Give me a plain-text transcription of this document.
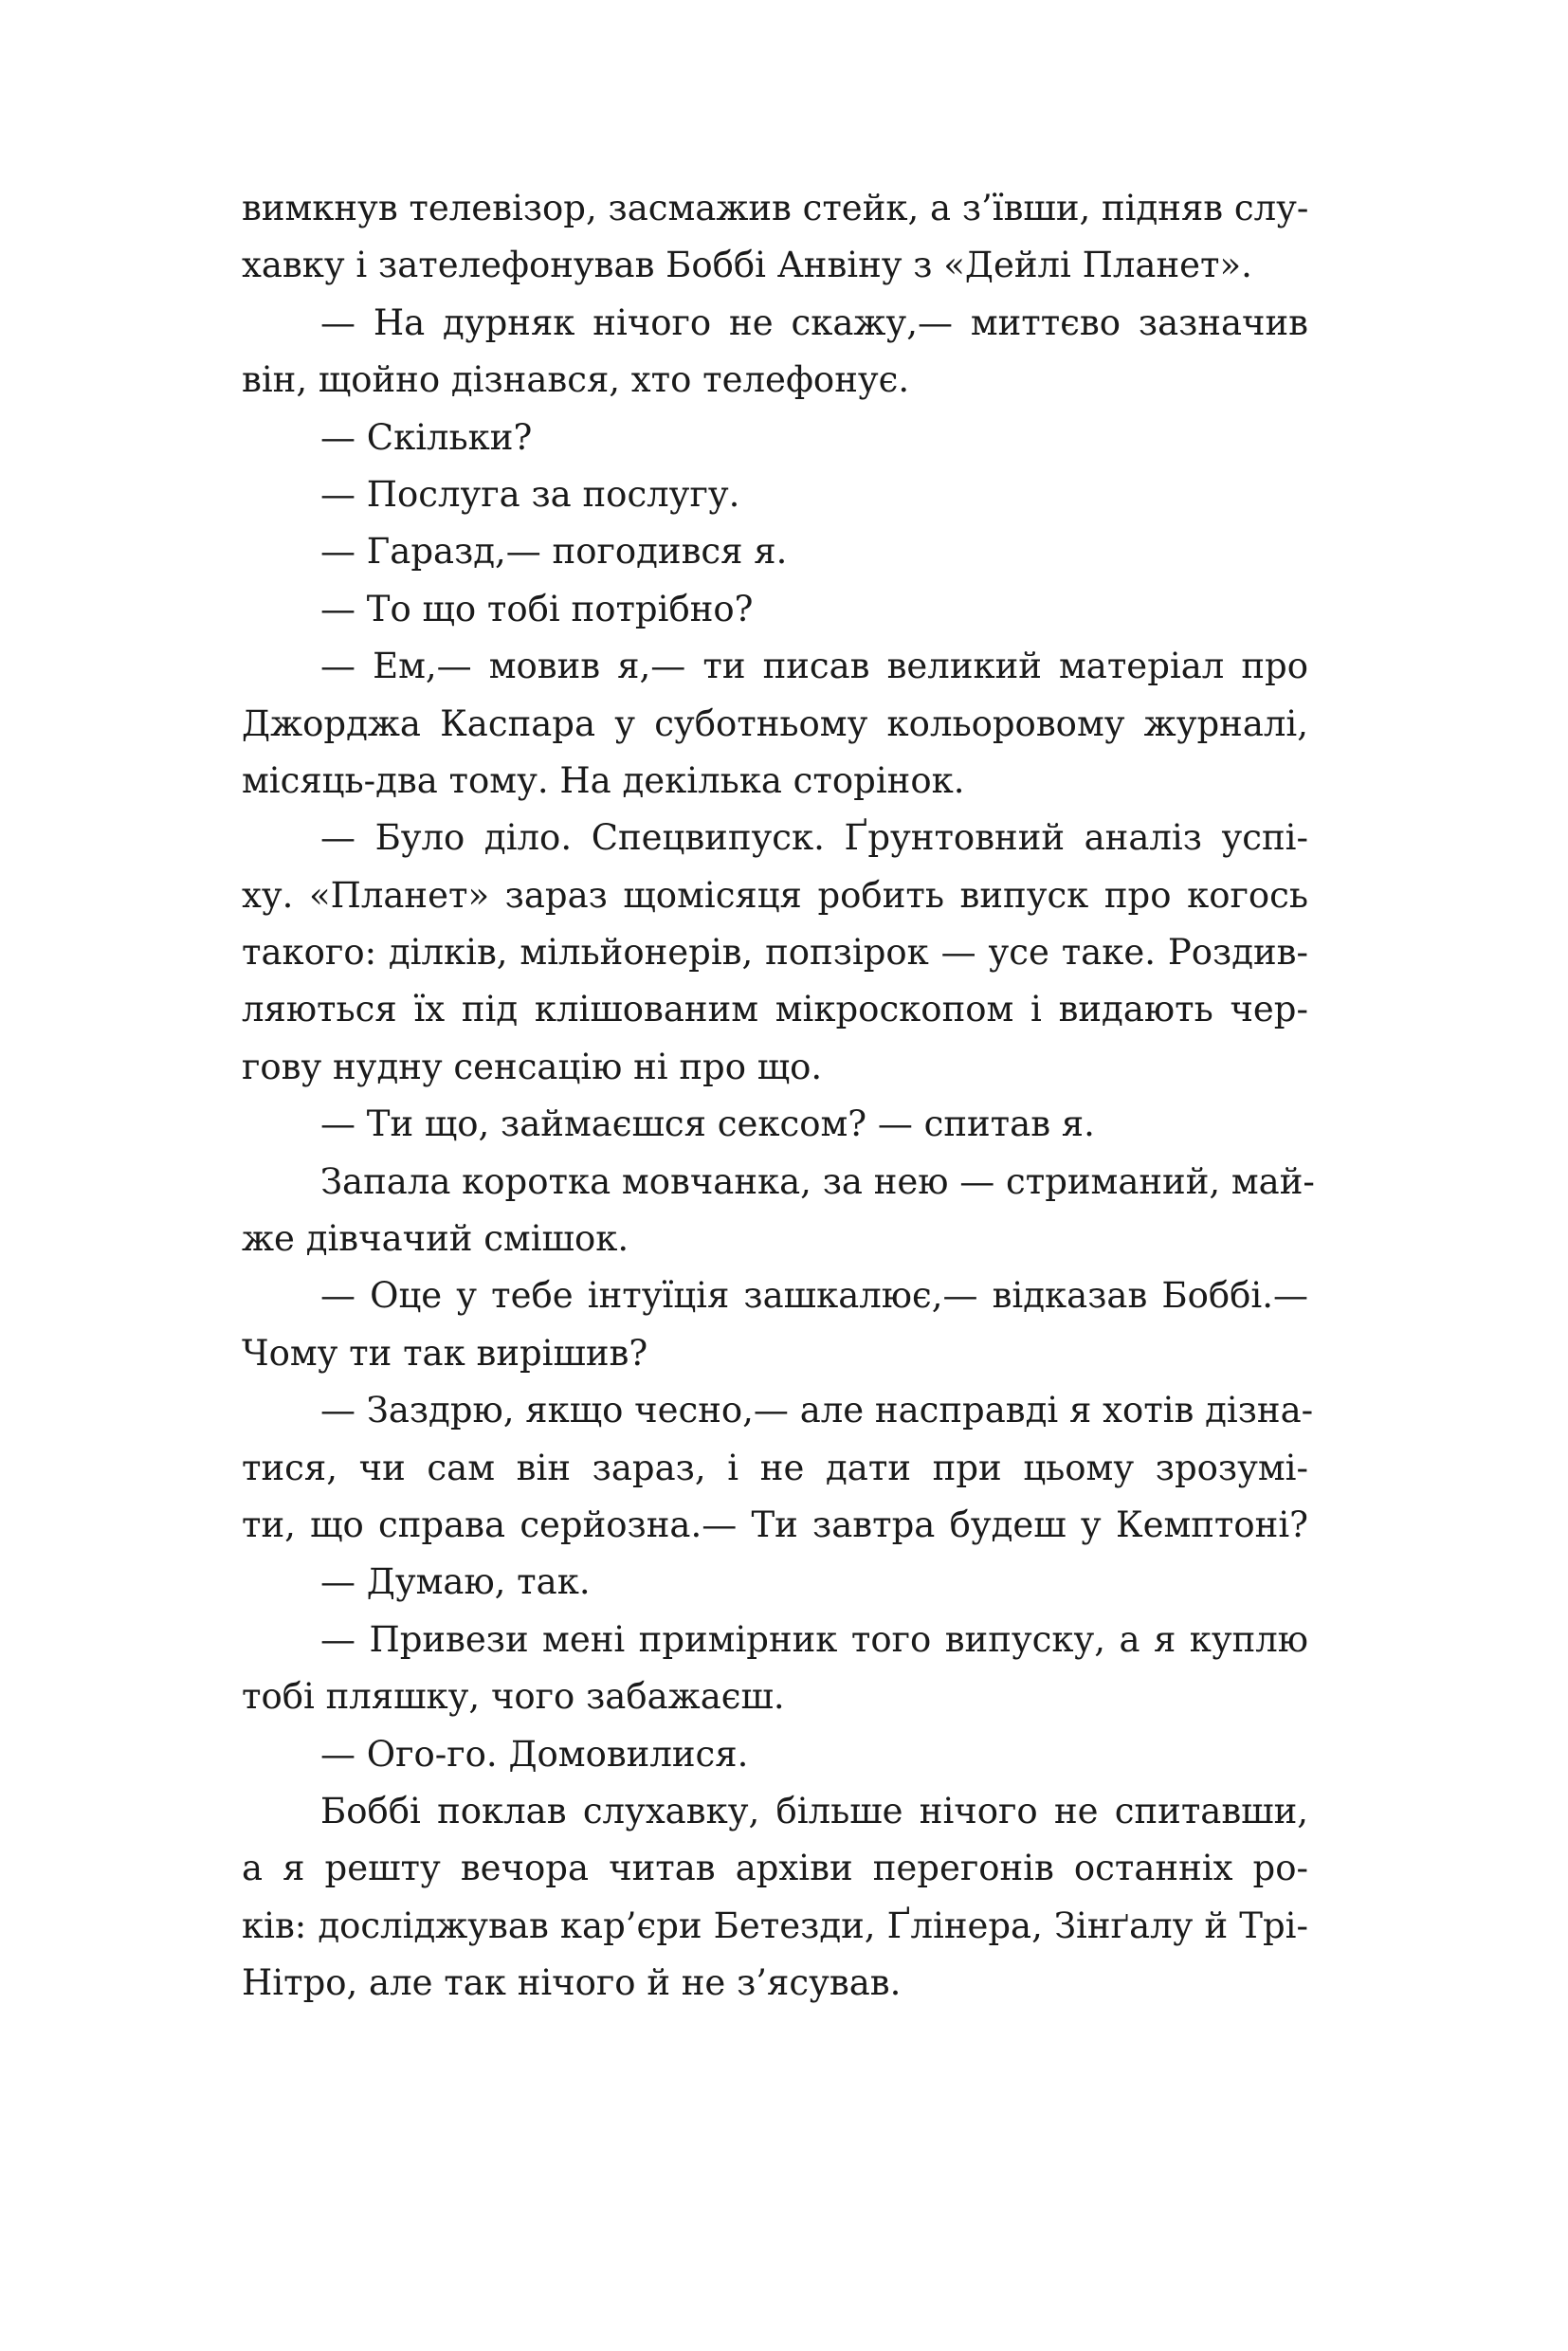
вимкнув телевізор, засмажив стейк, а з’ївши, підняв слу-
хавку і зателефонував Боббі Анвіну з «Дейлі Планет».
— На дурняк нічого не скажу,— миттєво зазначив
він, щойно дізнався, хто телефонує.
— Скільки?
— Послуга за послугу.
— Гаразд,— погодився я.
— То що тобі потрібно?
— Ем,— мовив я,— ти писав великий матеріал про
Джорджа Каспара у суботньому кольоровому журналі,
місяць-два тому. На декілька сторінок.
— Було діло. Спецвипуск. Ґрунтовний аналіз успі-
ху. «Планет» зараз щомісяця робить випуск про когось
такого: ділків, мільйонерів, попзірок — усе таке. Роздив-
ляються їх під клішованим мікроскопом і видають чер-
гову нудну сенсацію ні про що.
— Ти що, займаєшся сексом? — спитав я.
Запала коротка мовчанка, за нею — стриманий, май-
же дівчачий смішок.
— Оце у тебе інтуїція зашкалює,— відказав Боббі.—
Чому ти так вирішив?
— Заздрю, якщо чесно,— але насправді я хотів дізна-
тися, чи сам він зараз, і не дати при цьому зрозумі-
ти, що справа серйозна.— Ти завтра будеш у Кемптоні?
— Думаю, так.
— Привези мені примірник того випуску, а я куплю
тобі пляшку, чого забажаєш.
— Ого-го. Домовилися.
Боббі поклав слухавку, більше нічого не спитавши,
а я решту вечора читав архіви перегонів останніх ро-
ків: досліджував кар’єри Бетезди, Ґлінера, Зінґалу й Трі-
Нітро, але так нічого й не з’ясував.
